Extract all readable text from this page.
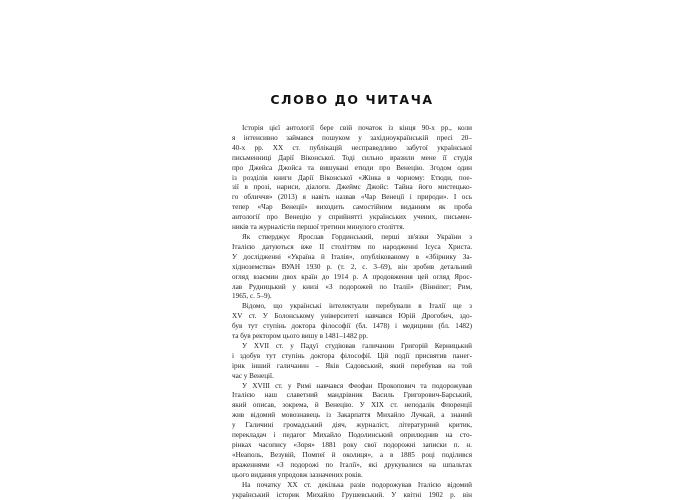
СЛОВО ДО ЧИТАЧА
Історія цієї антології бере свій початок із кінця 90-х рр., коли
я інтенсивно займався пошуком у західноукраїнській пресі 20–
40-х рр. XX ст. публікацій несправедливо забутої української
письменниці Дарії Віконської. Тоді сильно вразили мене її студія
про Джейса Джойса та вишукані етюди про Венецію. Згодом один
із розділів книги Дарії Віконської «Жінка в чорному: Етюди, пое-
зії в прозі, нариси, діалоги. Джеймс Джойс: Тайна його мистецько-
го обличчя» (2013) я навіть назвав «Чар Венеції і природи». І ось
тепер «Чар Венеції» виходить самостійним виданням як проба
антології про Венецію у сприйнятті українських учених, письмен-
ників та журналістів першої третини минулого століття.
Як стверджує Ярослав Гординський, перші зв'язки України з
Італією датуються вже II століттям по народженні Ісуса Христа.
У дослідженні «Україна й Італія», опублікованому в «Збірнику За-
хідноземства» ВУАН 1930 р. (т. 2, с. 3–69), він зробив детальний
огляд взаємин двох країн до 1914 р. А продовження цей огляд Ярос-
лав Рудницький у книзі «З подорожей по Італії» (Вінніпег; Рим,
1965, с. 5–9).
Відомо, що українські інтелектуали перебували в Італії ще з
XV ст. У Болонському університеті навчався Юрій Дрогобич, здо-
був тут ступінь доктора філософії (бл. 1478) і медицини (бл. 1482)
та був ректором цього вишу в 1481–1482 рр.
У XVII ст. у Падуї студіював галичанин Григорій Керницький
і здобув тут ступінь доктора філософії. Цій події присвятив панег-
ірик інший галичанин – Яків Садовський, який перебував на той
час у Венеції.
У XVIII ст. у Римі навчався Феофан Прокопович та подорожував
Італією наш славетний мандрівник Василь Григорович-Барський,
який описав, зокрема, й Венецію. У XIX ст. неподалік Флоренції
жив відомий мовознавець із Закарпаття Михайло Лучкай, а знаний
у Галичині громадський діяч, журналіст, літературний критик,
перекладач і педагог Михайло Подолинський оприлюднив на сто-
рінках часопису «Зоря» 1881 року свої подорожні записки п. н.
«Неаполь, Везувій, Помпеї й околиця», а в 1885 році поділився
враженнями «З подорожі по Італії», які друкувалися на шпальтах
цього видання упродовж зазначених років.
На початку XX ст. декілька разів подорожував Італією відомий
український історик Михайло Грушевський. У квітні 1902 р. він
